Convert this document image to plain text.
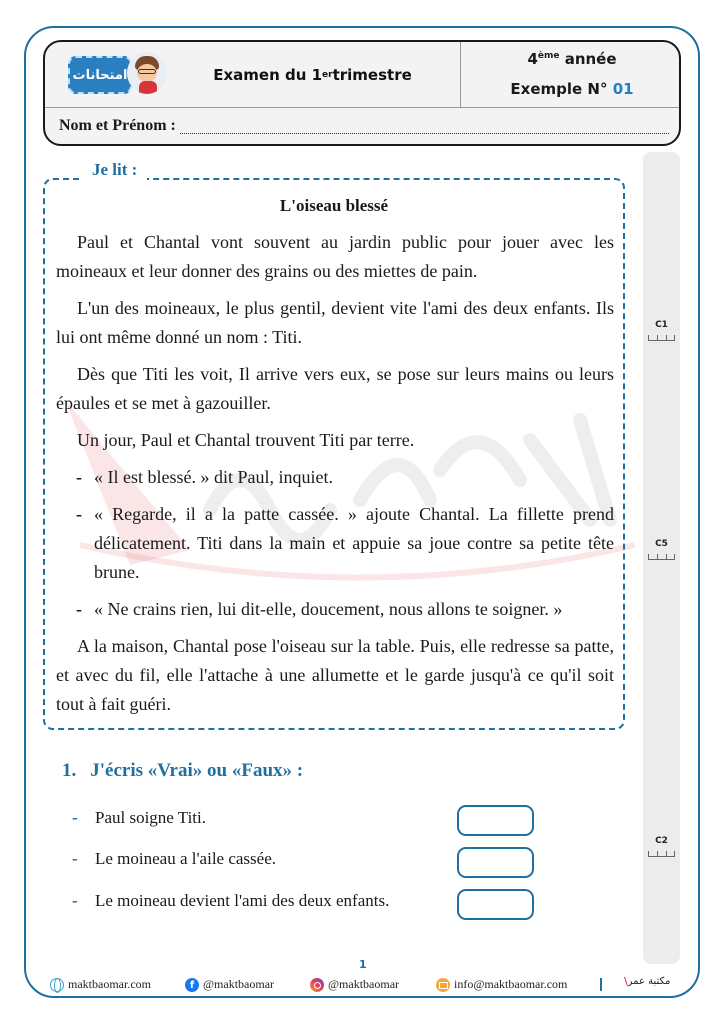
امتحانات	Examen du 1 er trimestre
4ème année
Exemple N° 01
Nom et Prénom :
C1
C5
C2
Je lit :
L'oiseau blessé

Paul et Chantal vont souvent au jardin public pour jouer avec les moineaux et leur donner des grains ou des miettes de pain.

L'un des moineaux, le plus gentil, devient vite l'ami des deux enfants. Ils lui ont même donné un nom : Titi.

Dès que Titi les voit, Il arrive vers eux, se pose sur leurs mains ou leurs épaules et se met à gazouiller.

Un jour, Paul et Chantal trouvent Titi par terre.

- « Il est blessé. » dit Paul, inquiet.
- « Regarde, il a la patte cassée. » ajoute Chantal. La fillette prend délicatement. Titi dans la main et appuie sa joue contre sa petite tête brune.
- « Ne crains rien, lui dit-elle, doucement, nous allons te soigner. »

A la maison, Chantal pose l'oiseau sur la table. Puis, elle redresse sa patte, et avec du fil, elle l'attache à une allumette et le garde jusqu'à ce qu'il soit tout à fait guéri.

1. J'écris «Vrai» ou «Faux» :
-	Paul soigne Titi.
-	Le moineau a l'aile cassée.
-	Le moineau devient l'ami des deux enfants.
1
maktbaomar.com	f @maktbaomar	@maktbaomar	info@maktbaomar.com	\مكتبة عمر
